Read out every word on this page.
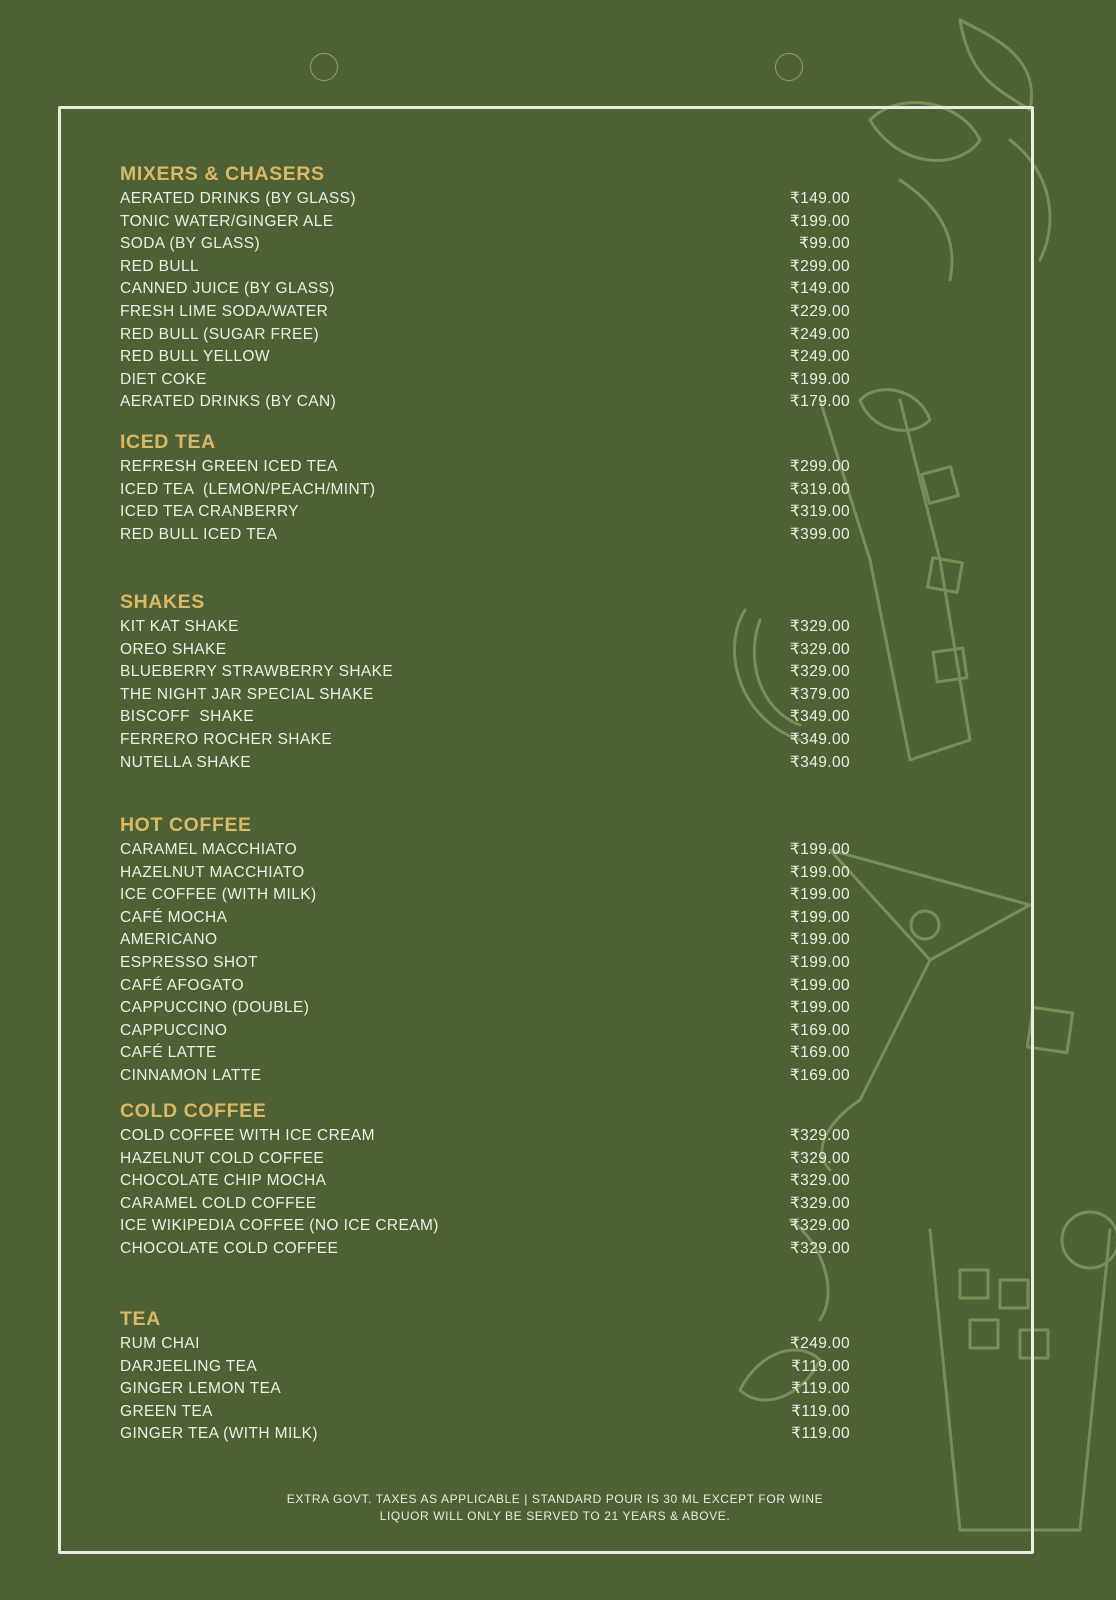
MIXERS & CHASERS
AERATED DRINKS (BY GLASS)	₹149.00
TONIC WATER/GINGER ALE	₹199.00
SODA (BY GLASS)	₹99.00
RED BULL	₹299.00
CANNED JUICE (BY GLASS)	₹149.00
FRESH LIME SODA/WATER	₹229.00
RED BULL (SUGAR FREE)	₹249.00
RED BULL YELLOW	₹249.00
DIET COKE	₹199.00
AERATED DRINKS (BY CAN)	₹179.00
ICED TEA
REFRESH GREEN ICED TEA	₹299.00
ICED TEA  (LEMON/PEACH/MINT)	₹319.00
ICED TEA CRANBERRY	₹319.00
RED BULL ICED TEA	₹399.00
SHAKES
KIT KAT SHAKE	₹329.00
OREO SHAKE	₹329.00
BLUEBERRY STRAWBERRY SHAKE	₹329.00
THE NIGHT JAR SPECIAL SHAKE	₹379.00
BISCOFF  SHAKE	₹349.00
FERRERO ROCHER SHAKE	₹349.00
NUTELLA SHAKE	₹349.00
HOT COFFEE
CARAMEL MACCHIATO	₹199.00
HAZELNUT MACCHIATO	₹199.00
ICE COFFEE (WITH MILK)	₹199.00
CAFÉ MOCHA	₹199.00
AMERICANO	₹199.00
ESPRESSO SHOT	₹199.00
CAFÉ AFOGATO	₹199.00
CAPPUCCINO (DOUBLE)	₹199.00
CAPPUCCINO	₹169.00
CAFÉ LATTE	₹169.00
CINNAMON LATTE	₹169.00
COLD COFFEE
COLD COFFEE WITH ICE CREAM	₹329.00
HAZELNUT COLD COFFEE	₹329.00
CHOCOLATE CHIP MOCHA	₹329.00
CARAMEL COLD COFFEE	₹329.00
ICE WIKIPEDIA COFFEE (NO ICE CREAM)	₹329.00
CHOCOLATE COLD COFFEE	₹329.00
TEA
RUM CHAI	₹249.00
DARJEELING TEA	₹119.00
GINGER LEMON TEA	₹119.00
GREEN TEA	₹119.00
GINGER TEA (WITH MILK)	₹119.00
EXTRA GOVT. TAXES AS APPLICABLE | STANDARD POUR IS 30 ML EXCEPT FOR WINE
LIQUOR WILL ONLY BE SERVED TO 21 YEARS & ABOVE.
